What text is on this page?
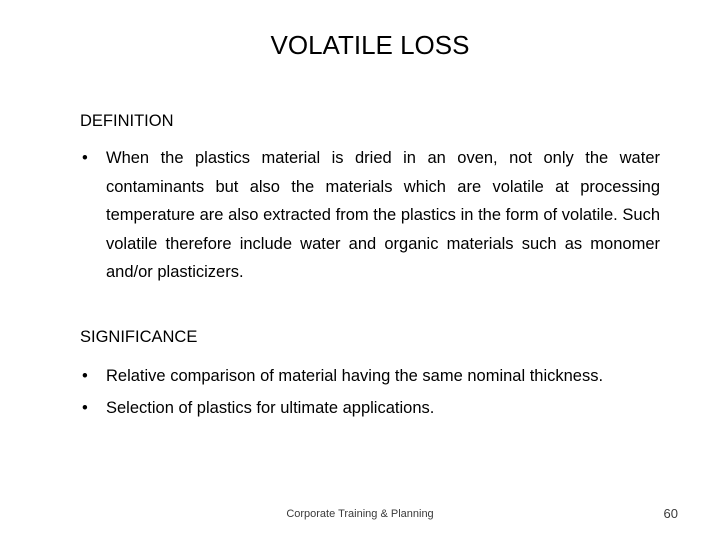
VOLATILE LOSS
DEFINITION
• When the plastics material is dried in an oven, not only the water contaminants but also the materials which are volatile at processing temperature are also extracted from the plastics in the form of volatile. Such volatile therefore include water and organic materials such as monomer and/or plasticizers.
SIGNIFICANCE
• Relative comparison of material having the same nominal thickness.
• Selection of plastics for ultimate applications.
Corporate Training & Planning	60
